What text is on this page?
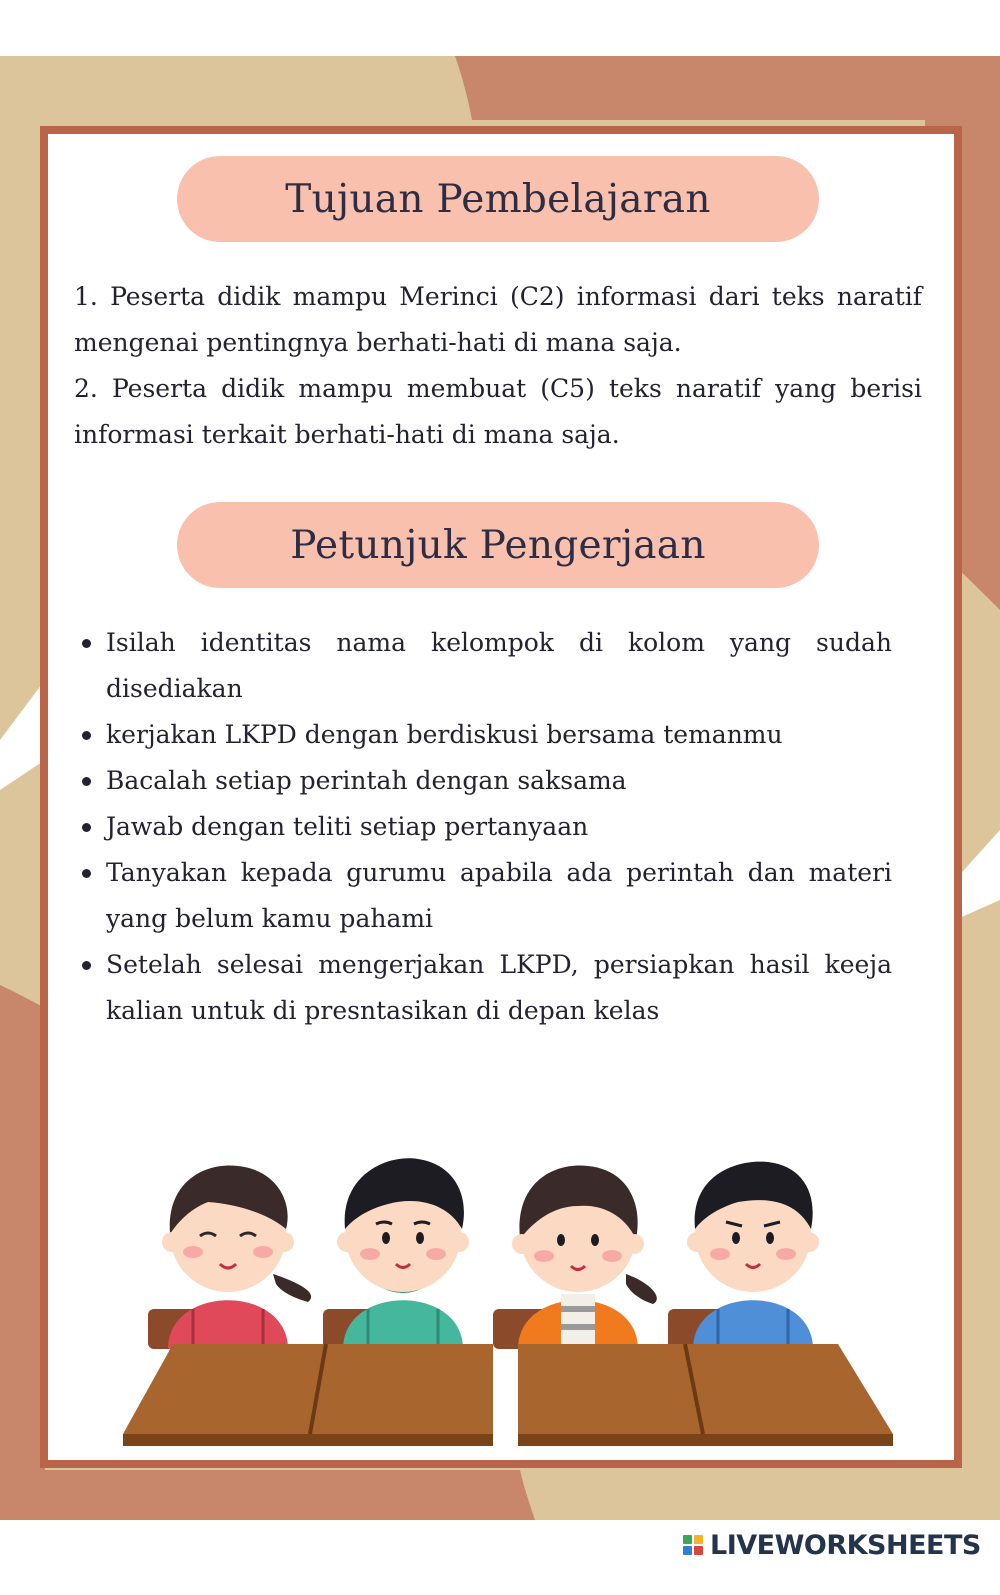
Tujuan Pembelajaran

1. Peserta didik mampu Merinci (C2) informasi dari teks naratif mengenai pentingnya berhati-hati di mana saja.

2. Peserta didik mampu membuat (C5) teks naratif yang berisi informasi terkait berhati-hati di mana saja.

Petunjuk Pengerjaan
Isilah identitas nama kelompok di kolom yang sudah disediakan
kerjakan LKPD dengan berdiskusi bersama temanmu
Bacalah setiap perintah dengan saksama
Jawab dengan teliti setiap pertanyaan
Tanyakan kepada gurumu apabila ada perintah dan materi yang belum kamu pahami
Setelah selesai mengerjakan LKPD, persiapkan hasil keeja kalian untuk di presntasikan di depan kelas
LIVEWORKSHEETS
